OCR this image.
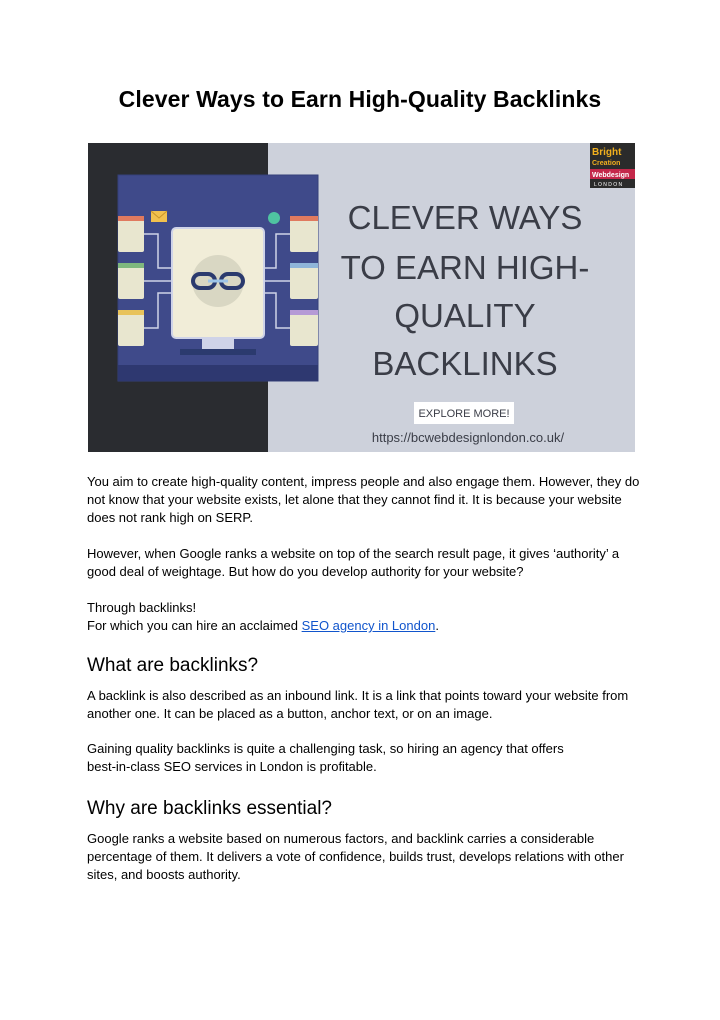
Clever Ways to Earn High-Quality Backlinks
CLEVER WAYS
TO EARN HIGH-
QUALITY
BACKLINKS
EXPLORE MORE!
https://bcwebdesignlondon.co.uk/
Bright
Creation
Webdesign
L O N D O N

You aim to create high-quality content, impress people and also engage them. However, they do not know that your website exists, let alone that they cannot find it. It is because your website does not rank high on SERP.

However, when Google ranks a website on top of the search result page, it gives ‘authority’ a good deal of weightage. But how do you develop authority for your website?

Through backlinks!
For which you can hire an acclaimed SEO agency in London.

What are backlinks?

A backlink is also described as an inbound link. It is a link that points toward your website from another one. It can be placed as a button, anchor text, or on an image.

Gaining quality backlinks is quite a challenging task, so hiring an agency that offers
best-in-class SEO services in London is profitable.

Why are backlinks essential?

Google ranks a website based on numerous factors, and backlink carries a considerable percentage of them. It delivers a vote of confidence, builds trust, develops relations with other sites, and boosts authority.
